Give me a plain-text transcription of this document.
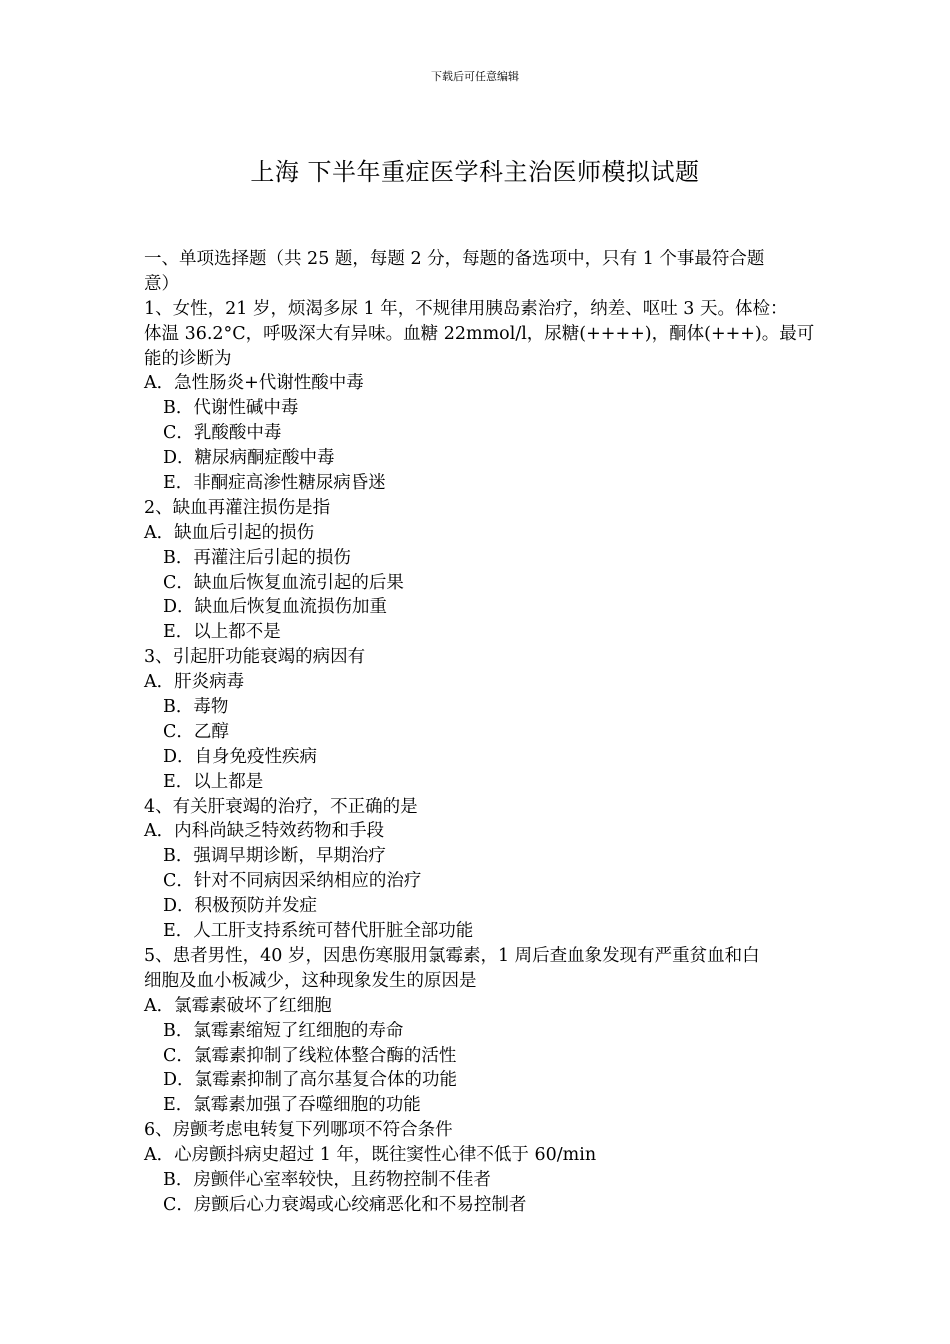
下载后可任意编辑
上海 下半年重症医学科主治医师模拟试题
一、单项选择题（共 25 题，每题 2 分，每题的备选项中，只有 1 个事最符合题
意）
1、女性，21 岁，烦渴多尿 1 年，不规律用胰岛素治疗，纳差、呕吐 3 天。体检：
体温 36.2°C，呼吸深大有异味。血糖 22mmol/l，尿糖(++++)，酮体(+++)。最可
能的诊断为
A．急性肠炎+代谢性酸中毒
B．代谢性碱中毒
C．乳酸酸中毒
D．糖尿病酮症酸中毒
E．非酮症高渗性糖尿病昏迷
2、缺血再灌注损伤是指
A．缺血后引起的损伤
B．再灌注后引起的损伤
C．缺血后恢复血流引起的后果
D．缺血后恢复血流损伤加重
E．以上都不是
3、引起肝功能衰竭的病因有
A．肝炎病毒
B．毒物
C．乙醇
D．自身免疫性疾病
E．以上都是
4、有关肝衰竭的治疗，不正确的是
A．内科尚缺乏特效药物和手段
B．强调早期诊断，早期治疗
C．针对不同病因采纳相应的治疗
D．积极预防并发症
E．人工肝支持系统可替代肝脏全部功能
5、患者男性，40 岁，因患伤寒服用氯霉素，1 周后查血象发现有严重贫血和白
细胞及血小板减少，这种现象发生的原因是
A．氯霉素破坏了红细胞
B．氯霉素缩短了红细胞的寿命
C．氯霉素抑制了线粒体整合酶的活性
D．氯霉素抑制了高尔基复合体的功能
E．氯霉素加强了吞噬细胞的功能
6、房颤考虑电转复下列哪项不符合条件
A．心房颤抖病史超过 1 年，既往窦性心律不低于 60/min
B．房颤伴心室率较快，且药物控制不佳者
C．房颤后心力衰竭或心绞痛恶化和不易控制者
